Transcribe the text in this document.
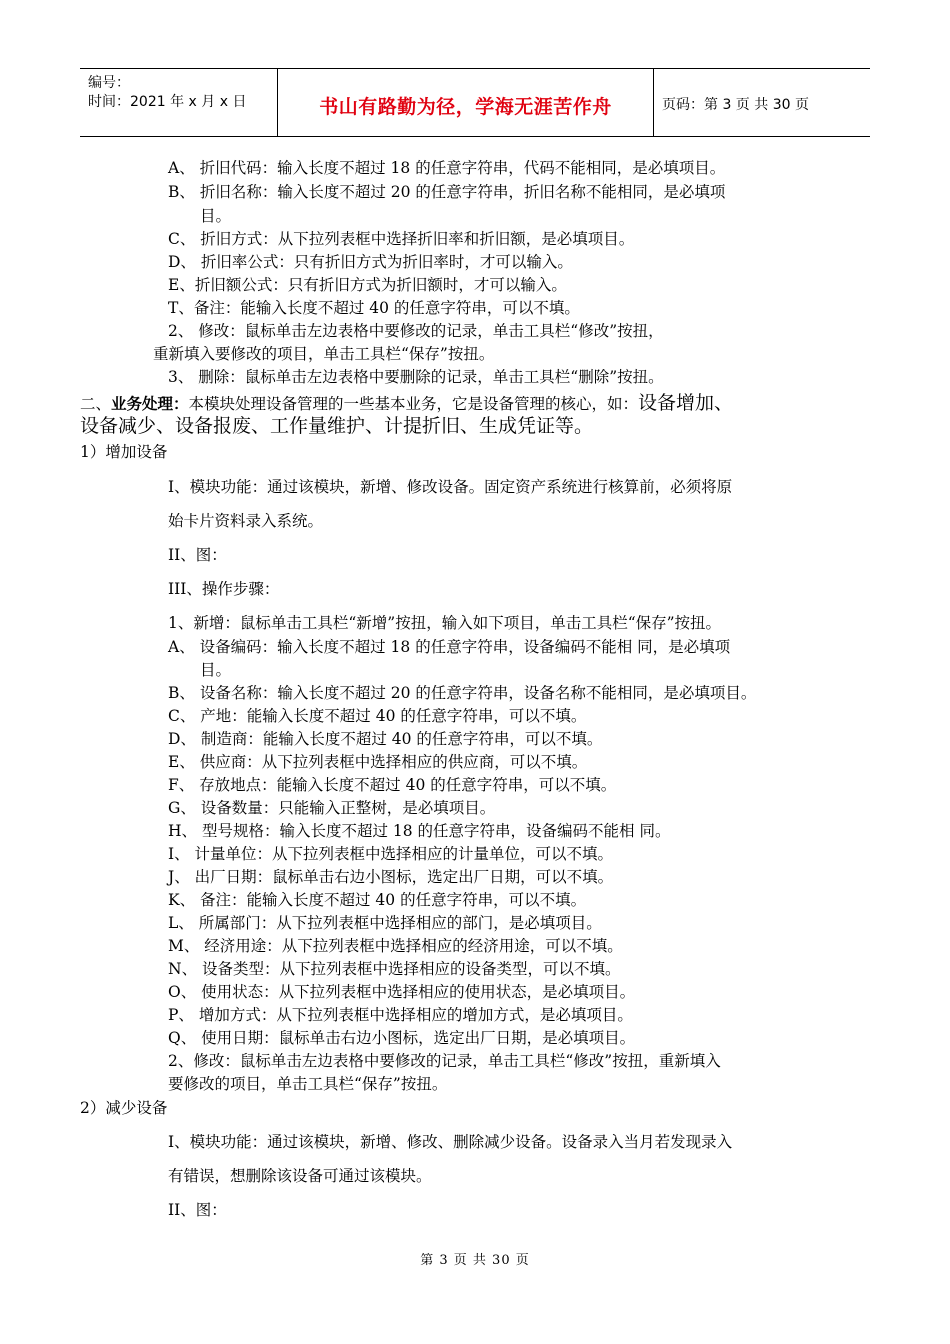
编号：
时间：2021 年 x 月 x 日	书山有路勤为径，学海无涯苦作舟	页码：第 3 页 共 30 页
A、 折旧代码：输入长度不超过 18 的任意字符串，代码不能相同，是必填项目。
B、 折旧名称：输入长度不超过 20 的任意字符串，折旧名称不能相同，是必填项
目。
C、 折旧方式：从下拉列表框中选择折旧率和折旧额，是必填项目。
D、 折旧率公式：只有折旧方式为折旧率时，才可以输入。
E、折旧额公式：只有折旧方式为折旧额时，才可以输入。
T、备注：能输入长度不超过 40 的任意字符串，可以不填。
2、 修改：鼠标单击左边表格中要修改的记录，单击工具栏“修改”按扭，
重新填入要修改的项目，单击工具栏“保存”按扭。
3、 删除：鼠标单击左边表格中要删除的记录，单击工具栏“删除”按扭。
二、业务处理：本模块处理设备管理的一些基本业务，它是设备管理的核心，如：设备增加、
设备减少、设备报废、工作量维护、计提折旧、生成凭证等。
1）增加设备
I、模块功能：通过该模块，新增、修改设备。固定资产系统进行核算前，必须将原
始卡片资料录入系统。
II、图：
III、操作步骤：
1、新增：鼠标单击工具栏“新增”按扭，输入如下项目，单击工具栏“保存”按扭。
A、 设备编码：输入长度不超过 18 的任意字符串，设备编码不能相 同，是必填项
目。
B、 设备名称：输入长度不超过 20 的任意字符串，设备名称不能相同，是必填项目。
C、 产地：能输入长度不超过 40 的任意字符串，可以不填。
D、 制造商：能输入长度不超过 40 的任意字符串，可以不填。
E、 供应商：从下拉列表框中选择相应的供应商，可以不填。
F、 存放地点：能输入长度不超过 40 的任意字符串，可以不填。
G、 设备数量：只能输入正整树，是必填项目。
H、 型号规格：输入长度不超过 18 的任意字符串，设备编码不能相 同。
I、 计量单位：从下拉列表框中选择相应的计量单位，可以不填。
J、 出厂日期：鼠标单击右边小图标，选定出厂日期，可以不填。
K、 备注：能输入长度不超过 40 的任意字符串，可以不填。
L、 所属部门：从下拉列表框中选择相应的部门，是必填项目。
M、 经济用途：从下拉列表框中选择相应的经济用途，可以不填。
N、 设备类型：从下拉列表框中选择相应的设备类型，可以不填。
O、 使用状态：从下拉列表框中选择相应的使用状态，是必填项目。
P、 增加方式：从下拉列表框中选择相应的增加方式，是必填项目。
Q、 使用日期：鼠标单击右边小图标，选定出厂日期，是必填项目。
2、修改：鼠标单击左边表格中要修改的记录，单击工具栏“修改”按扭，重新填入
要修改的项目，单击工具栏“保存”按扭。
2）减少设备
I、模块功能：通过该模块，新增、修改、删除减少设备。设备录入当月若发现录入
有错误，想删除该设备可通过该模块。
II、图：
第 3 页 共 30 页
